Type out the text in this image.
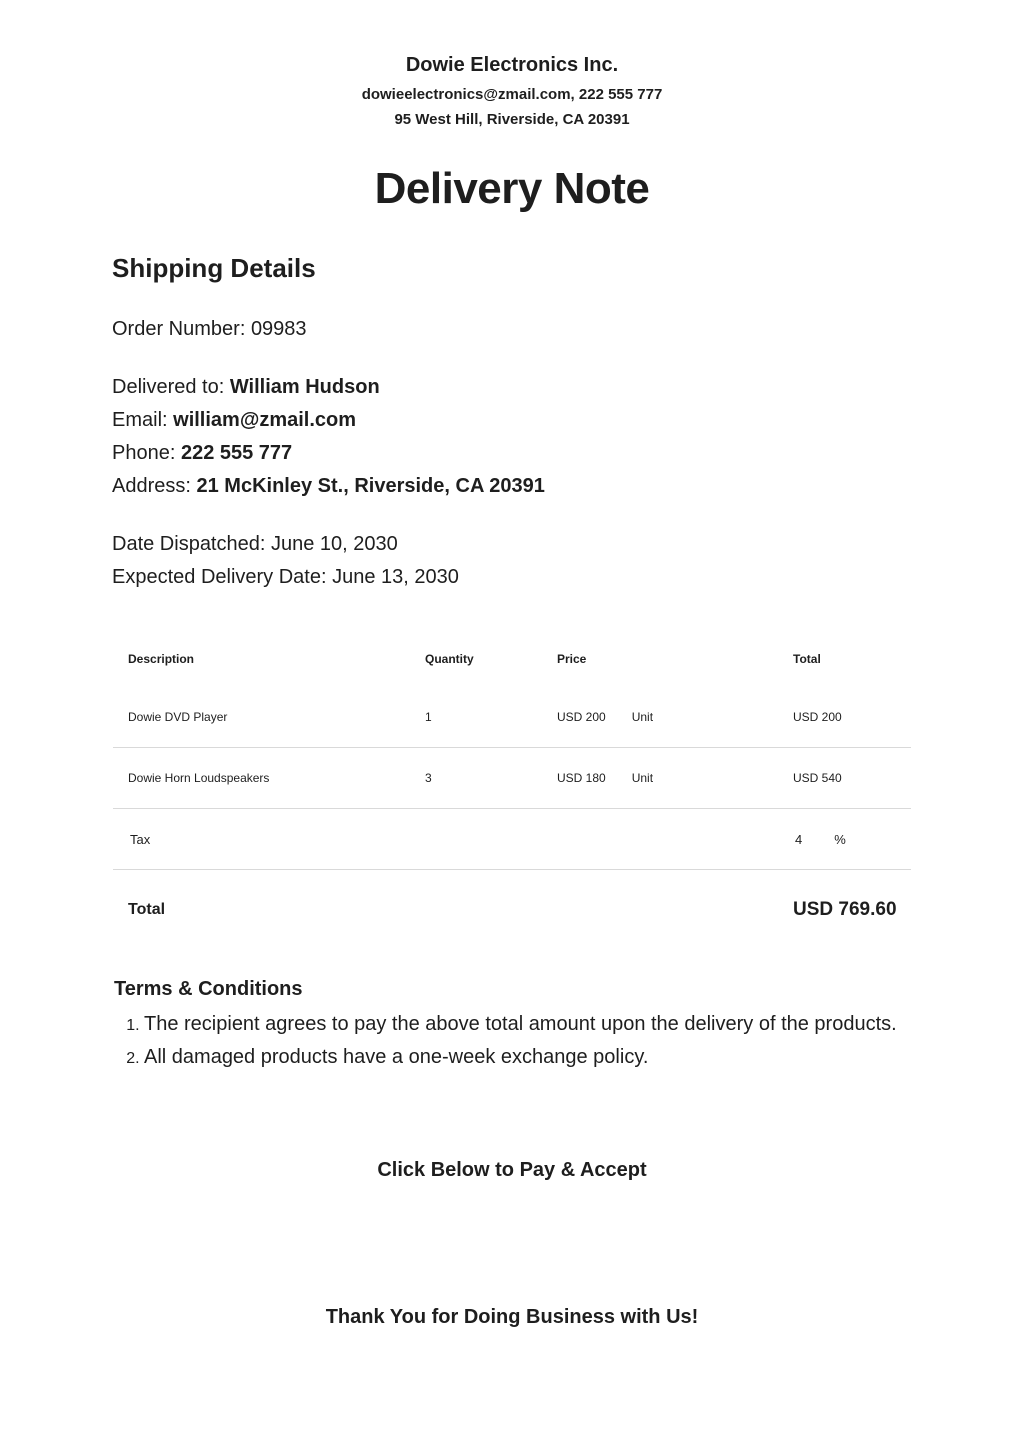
Dowie Electronics Inc.
dowieelectronics@zmail.com, 222 555 777
95 West Hill, Riverside, CA 20391
Delivery Note
Shipping Details
Order Number: 09983
Delivered to: William Hudson
Email: william@zmail.com
Phone: 222 555 777
Address: 21 McKinley St., Riverside, CA 20391
Date Dispatched: June 10, 2030
Expected Delivery Date: June 13, 2030
Description	Quantity	Price	Total
Dowie DVD Player	1	USD 200 Unit	USD 200
Dowie Horn Loudspeakers	3	USD 180 Unit	USD 540
Tax			4 %
Total			USD 769.60
Terms & Conditions
1. The recipient agrees to pay the above total amount upon the delivery of the products.
2. All damaged products have a one-week exchange policy.
Click Below to Pay & Accept
Thank You for Doing Business with Us!
